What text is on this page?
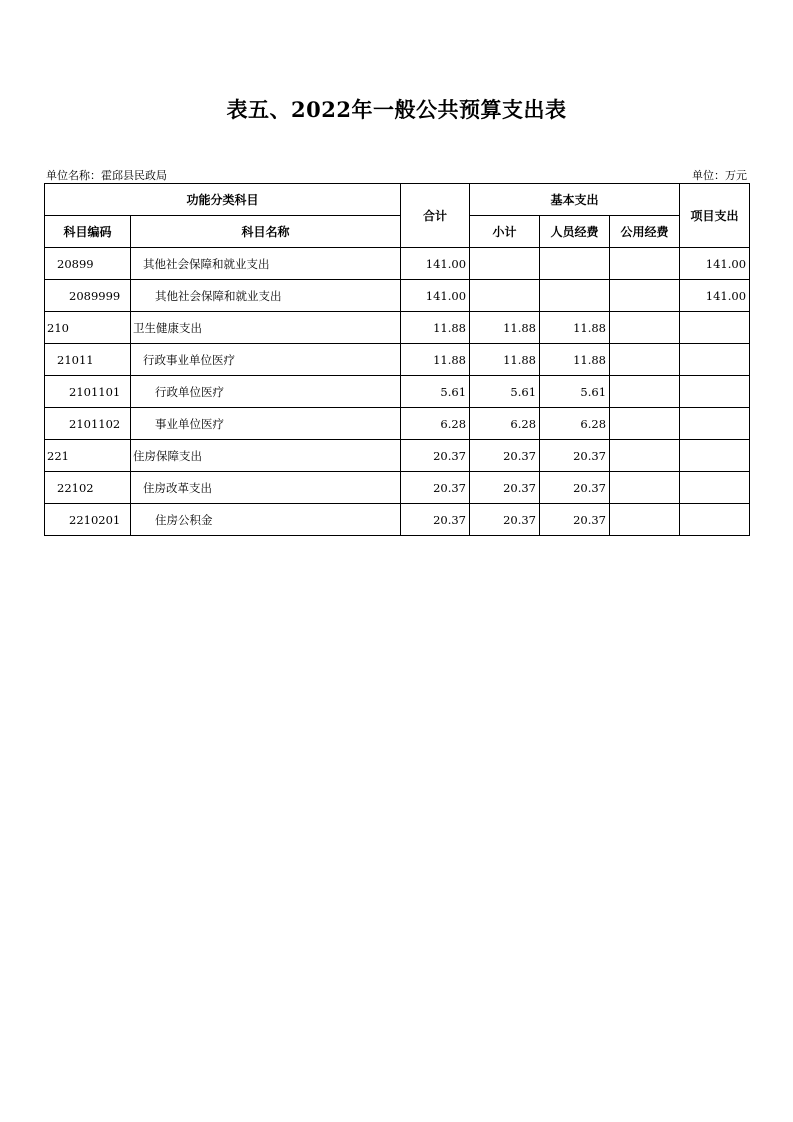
表五、2022年一般公共预算支出表
单位名称：霍邱县民政局	单位：万元
功能分类科目		合计	基本支出			项目支出
科目编码	科目名称		小计	人员经费	公用经费	
20899	其他社会保障和就业支出	141.00				141.00
2089999	其他社会保障和就业支出	141.00				141.00
210	卫生健康支出	11.88	11.88	11.88		
21011	行政事业单位医疗	11.88	11.88	11.88		
2101101	行政单位医疗	5.61	5.61	5.61		
2101102	事业单位医疗	6.28	6.28	6.28		
221	住房保障支出	20.37	20.37	20.37		
22102	住房改革支出	20.37	20.37	20.37		
2210201	住房公积金	20.37	20.37	20.37		
